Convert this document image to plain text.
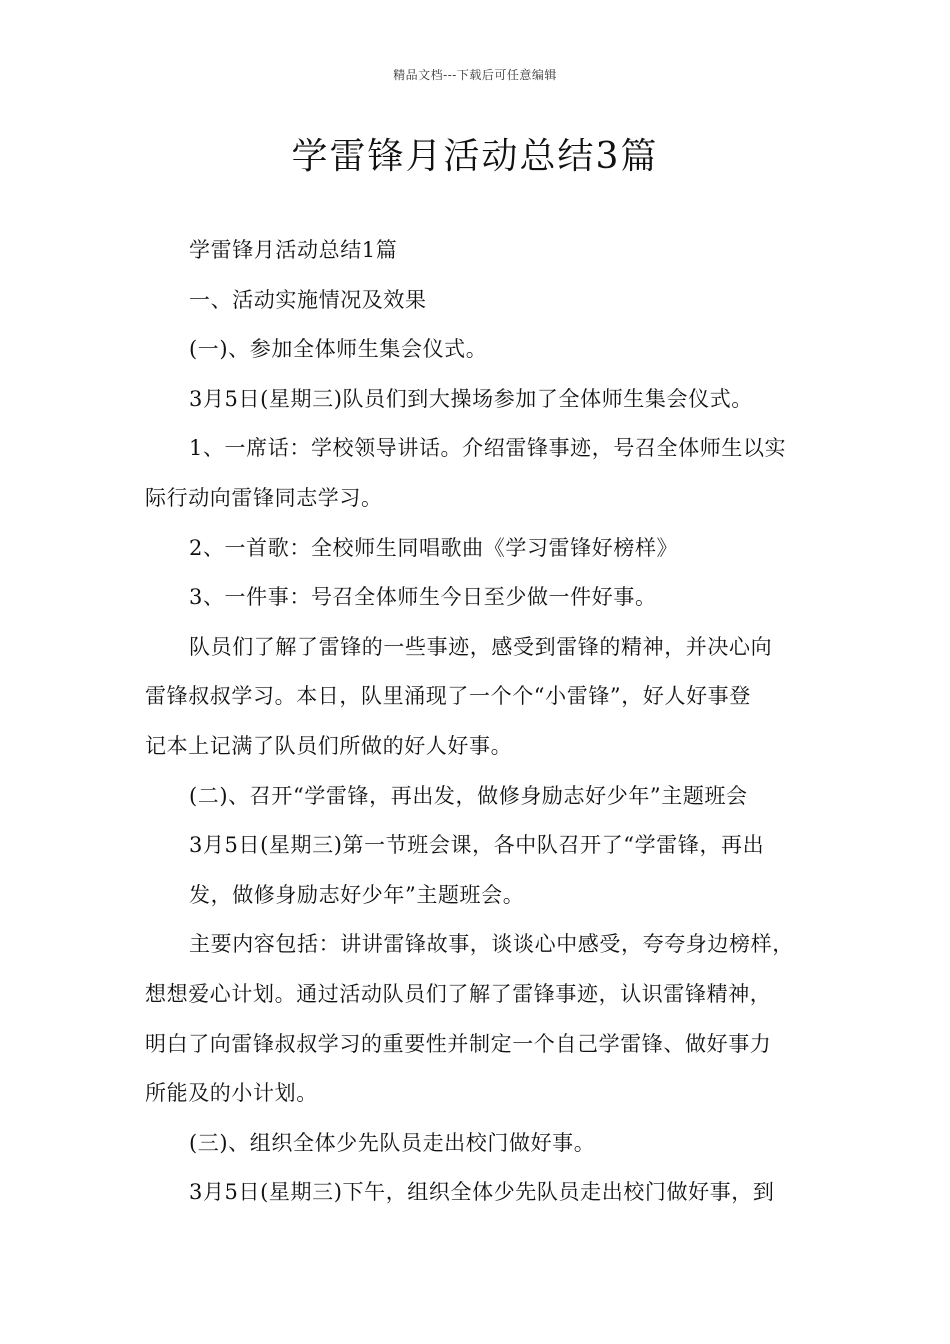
精品文档---下载后可任意编辑
学雷锋月活动总结3篇
学雷锋月活动总结1篇
一、活动实施情况及效果
(一)、参加全体师生集会仪式。
3月5日(星期三)队员们到大操场参加了全体师生集会仪式。
1、一席话：学校领导讲话。介绍雷锋事迹，号召全体师生以实
际行动向雷锋同志学习。
2、一首歌：全校师生同唱歌曲《学习雷锋好榜样》
3、一件事：号召全体师生今日至少做一件好事。
队员们了解了雷锋的一些事迹，感受到雷锋的精神，并决心向
雷锋叔叔学习。本日，队里涌现了一个个“小雷锋”，好人好事登
记本上记满了队员们所做的好人好事。
(二)、召开“学雷锋，再出发，做修身励志好少年”主题班会
3月5日(星期三)第一节班会课，各中队召开了“学雷锋，再出
发，做修身励志好少年”主题班会。
主要内容包括：讲讲雷锋故事，谈谈心中感受，夸夸身边榜样，
想想爱心计划。通过活动队员们了解了雷锋事迹，认识雷锋精神，
明白了向雷锋叔叔学习的重要性并制定一个自己学雷锋、做好事力
所能及的小计划。
(三)、组织全体少先队员走出校门做好事。
3月5日(星期三)下午，组织全体少先队员走出校门做好事，到
